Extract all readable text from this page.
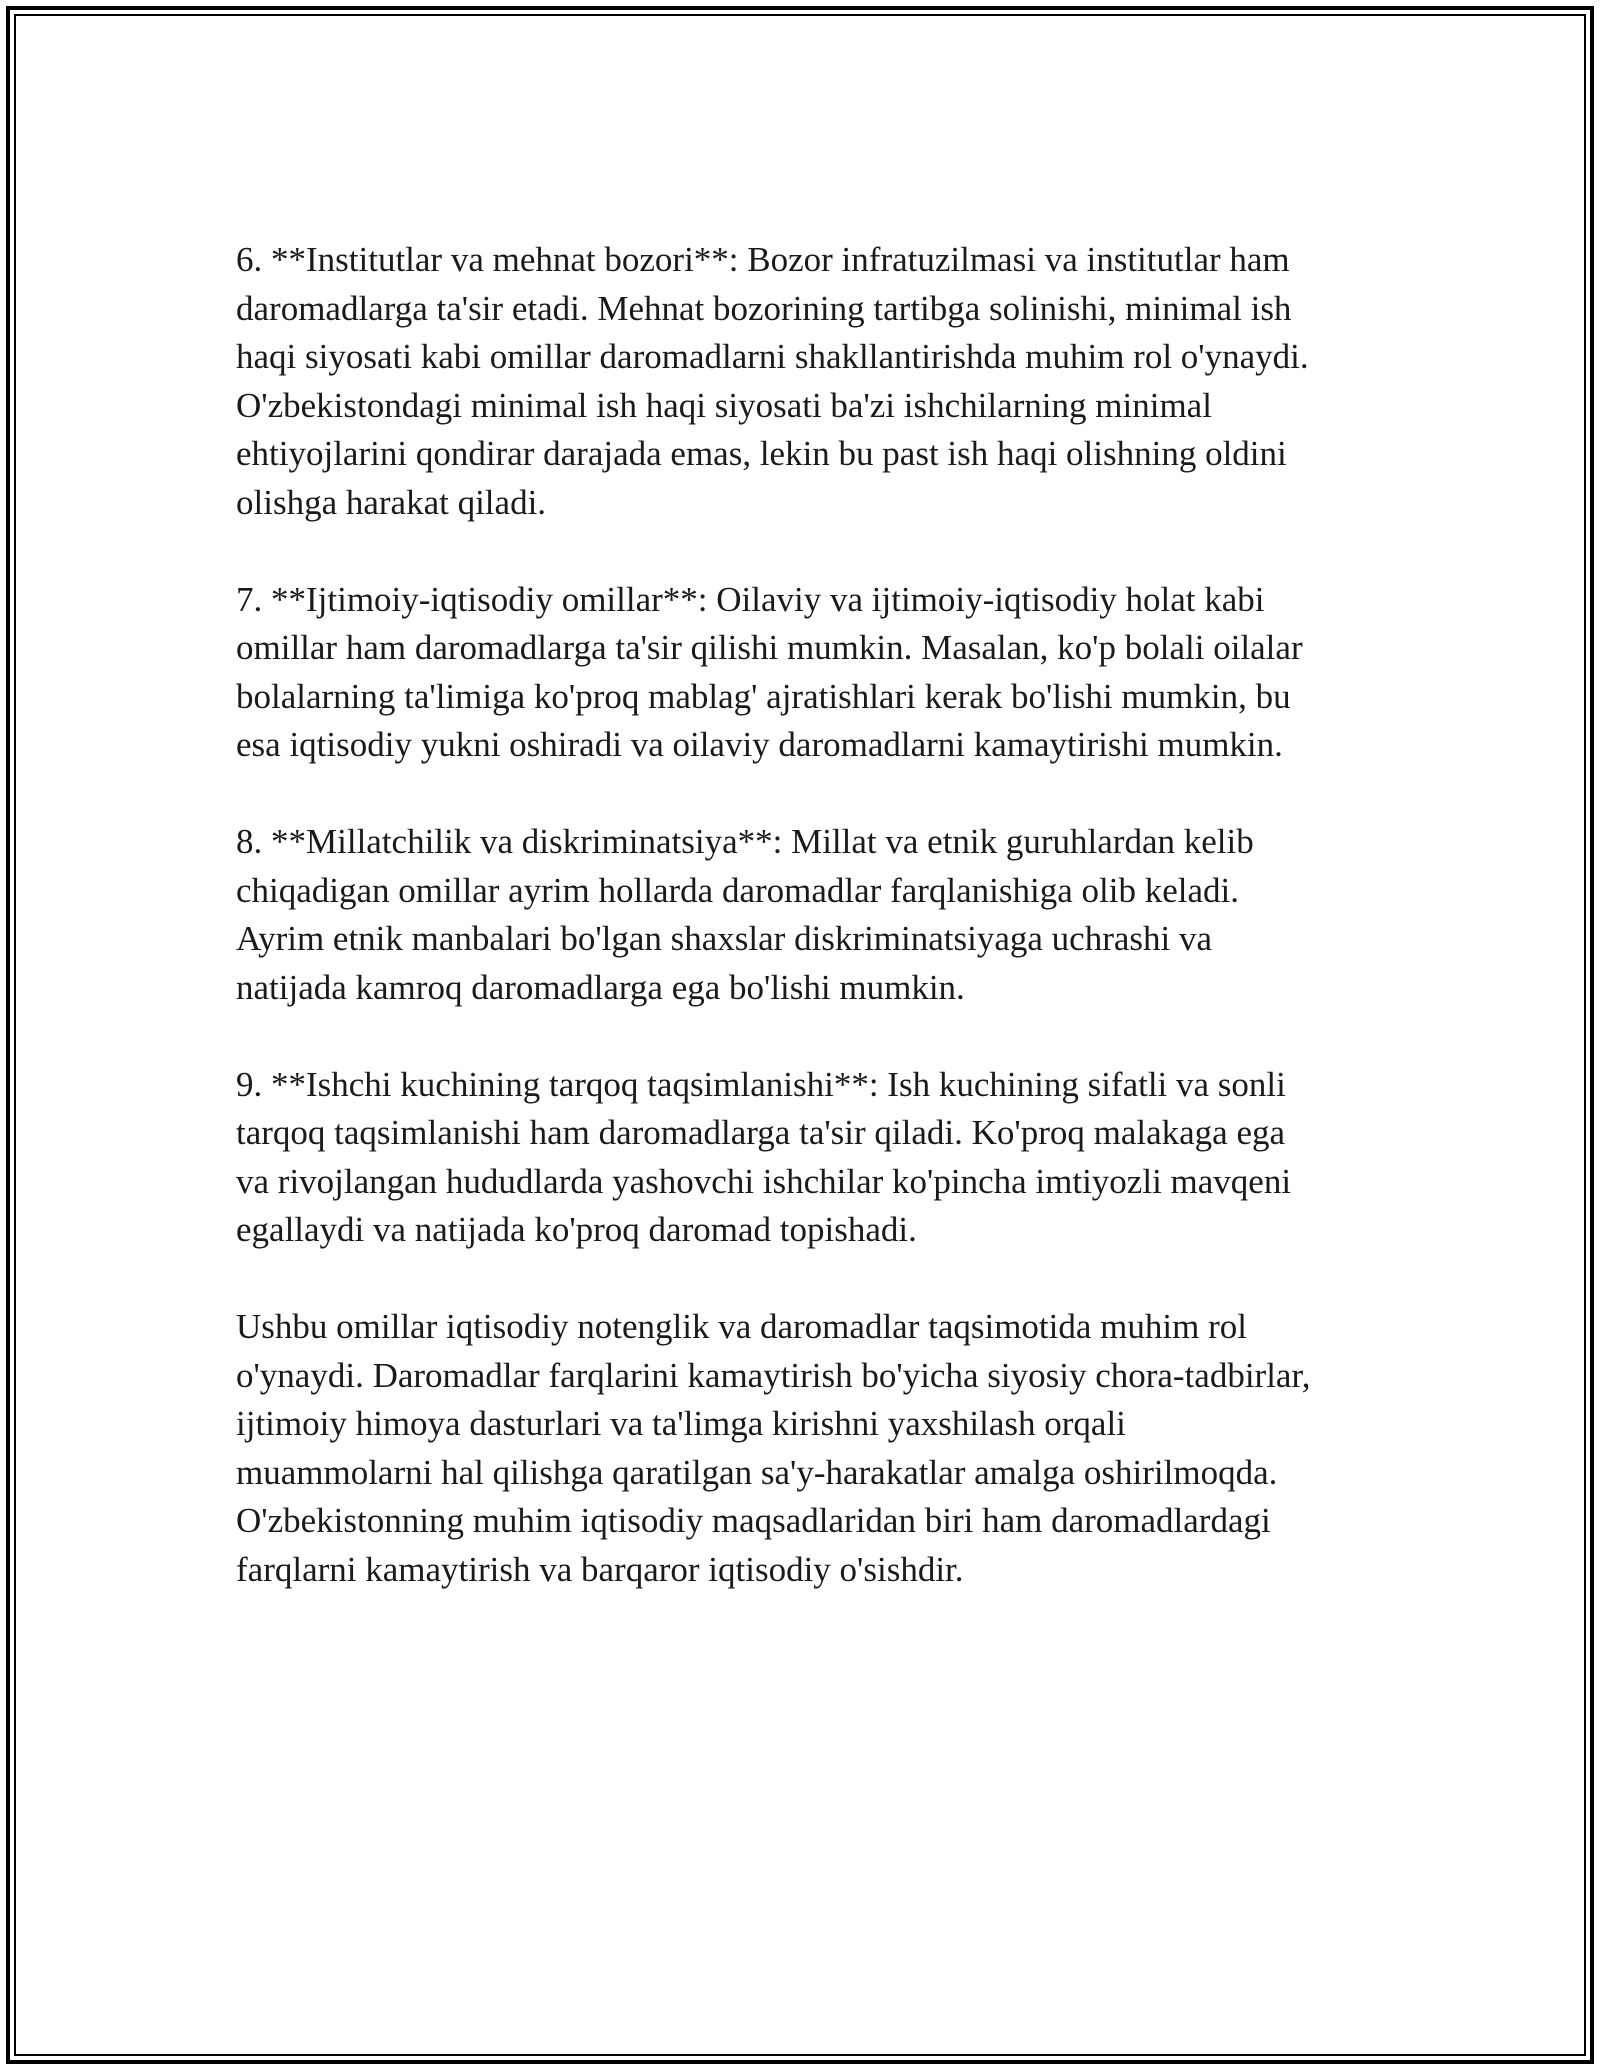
6. **Institutlar va mehnat bozori**: Bozor infratuzilmasi va institutlar ham
daromadlarga ta'sir etadi. Mehnat bozorining tartibga solinishi, minimal ish
haqi siyosati kabi omillar daromadlarni shakllantirishda muhim rol o'ynaydi.
O'zbekistondagi minimal ish haqi siyosati ba'zi ishchilarning minimal
ehtiyojlarini qondirar darajada emas, lekin bu past ish haqi olishning oldini
olishga harakat qiladi.

7. **Ijtimoiy-iqtisodiy omillar**: Oilaviy va ijtimoiy-iqtisodiy holat kabi
omillar ham daromadlarga ta'sir qilishi mumkin. Masalan, ko'p bolali oilalar
bolalarning ta'limiga ko'proq mablag' ajratishlari kerak bo'lishi mumkin, bu
esa iqtisodiy yukni oshiradi va oilaviy daromadlarni kamaytirishi mumkin.

8. **Millatchilik va diskriminatsiya**: Millat va etnik guruhlardan kelib
chiqadigan omillar ayrim hollarda daromadlar farqlanishiga olib keladi.
Ayrim etnik manbalari bo'lgan shaxslar diskriminatsiyaga uchrashi va
natijada kamroq daromadlarga ega bo'lishi mumkin.

9. **Ishchi kuchining tarqoq taqsimlanishi**: Ish kuchining sifatli va sonli
tarqoq taqsimlanishi ham daromadlarga ta'sir qiladi. Ko'proq malakaga ega
va rivojlangan hududlarda yashovchi ishchilar ko'pincha imtiyozli mavqeni
egallaydi va natijada ko'proq daromad topishadi.

Ushbu omillar iqtisodiy notenglik va daromadlar taqsimotida muhim rol
o'ynaydi. Daromadlar farqlarini kamaytirish bo'yicha siyosiy chora-tadbirlar,
ijtimoiy himoya dasturlari va ta'limga kirishni yaxshilash orqali
muammolarni hal qilishga qaratilgan sa'y-harakatlar amalga oshirilmoqda.
O'zbekistonning muhim iqtisodiy maqsadlaridan biri ham daromadlardagi
farqlarni kamaytirish va barqaror iqtisodiy o'sishdir.
